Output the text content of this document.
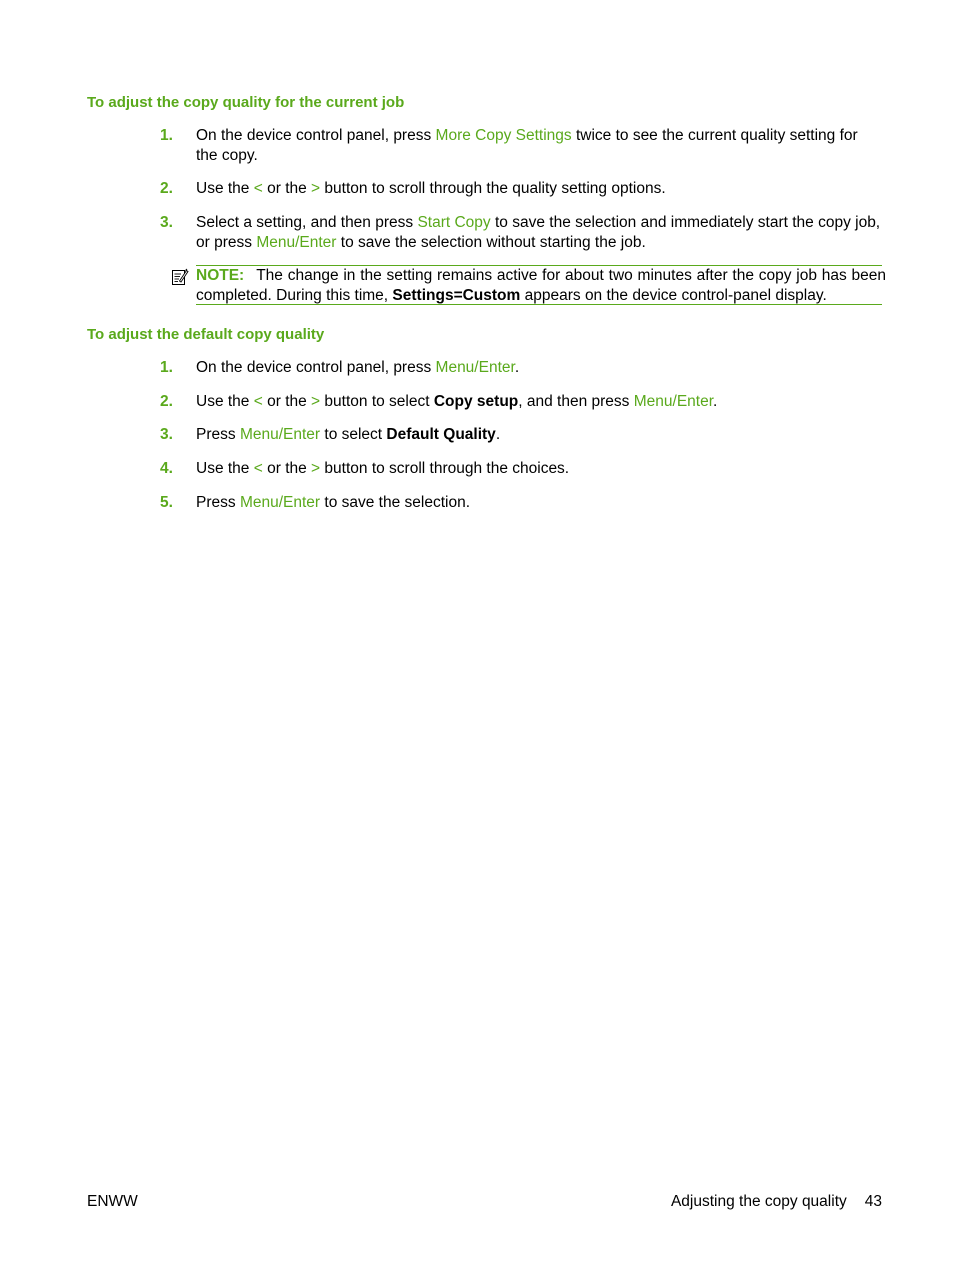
To adjust the copy quality for the current job
1. On the device control panel, press More Copy Settings twice to see the current quality setting for the copy.
2. Use the < or the > button to scroll through the quality setting options.
3. Select a setting, and then press Start Copy to save the selection and immediately start the copy job, or press Menu/Enter to save the selection without starting the job.
NOTE: The change in the setting remains active for about two minutes after the copy job has been completed. During this time, Settings=Custom appears on the device control-panel display.
To adjust the default copy quality
1. On the device control panel, press Menu/Enter.
2. Use the < or the > button to select Copy setup, and then press Menu/Enter.
3. Press Menu/Enter to select Default Quality.
4. Use the < or the > button to scroll through the choices.
5. Press Menu/Enter to save the selection.
ENWW	Adjusting the copy quality 43
